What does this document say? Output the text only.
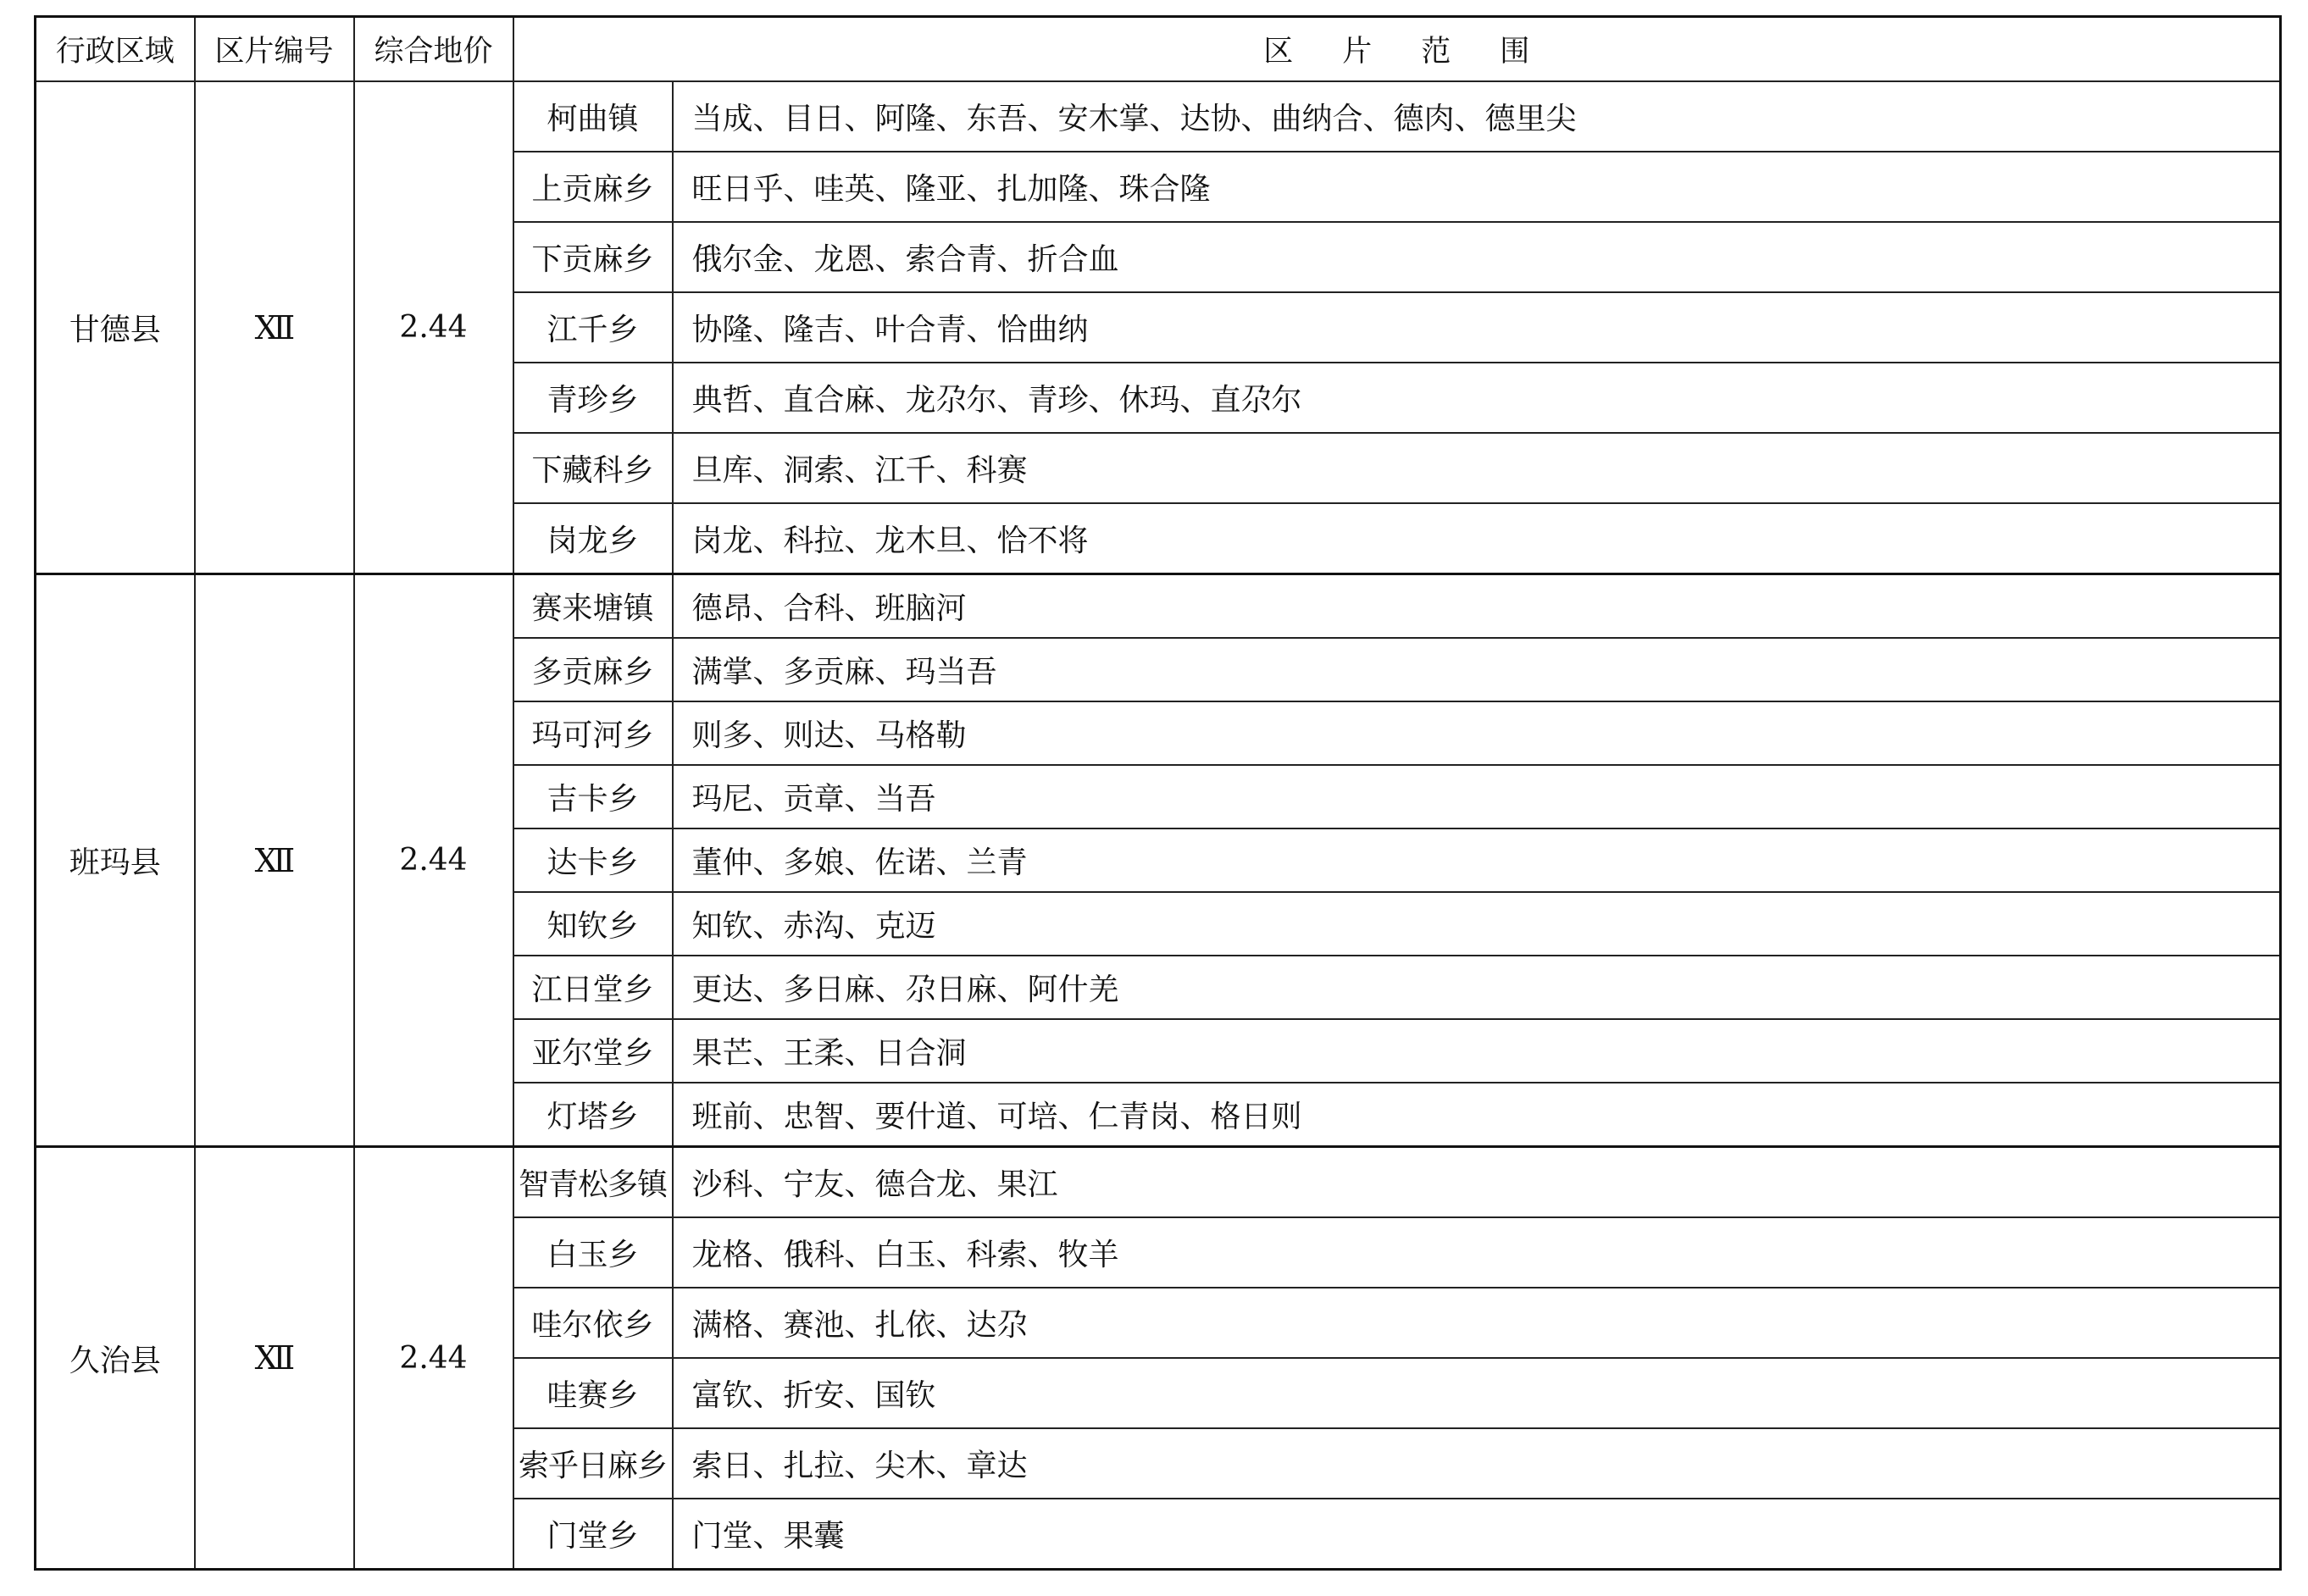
行政区域	区片编号	综合地价	区 片 范 围	
甘德县	Ⅻ	2.44	柯曲镇	当成、目日、阿隆、东吾、安木掌、达协、曲纳合、德肉、德里尖
			上贡麻乡	旺日乎、哇英、隆亚、扎加隆、珠合隆
			下贡麻乡	俄尔金、龙恩、索合青、折合血
			江千乡	协隆、隆吉、叶合青、恰曲纳
			青珍乡	典哲、直合麻、龙尕尔、青珍、休玛、直尕尔
			下藏科乡	旦库、洞索、江千、科赛
			岗龙乡	岗龙、科拉、龙木旦、恰不将
班玛县	Ⅻ	2.44	赛来塘镇	德昂、合科、班脑河
			多贡麻乡	满掌、多贡麻、玛当吾
			玛可河乡	则多、则达、马格勒
			吉卡乡	玛尼、贡章、当吾
			达卡乡	董仲、多娘、佐诺、兰青
			知钦乡	知钦、赤沟、克迈
			江日堂乡	更达、多日麻、尕日麻、阿什羌
			亚尔堂乡	果芒、王柔、日合洞
			灯塔乡	班前、忠智、要什道、可培、仁青岗、格日则
久治县	Ⅻ	2.44	智青松多镇	沙科、宁友、德合龙、果江
			白玉乡	龙格、俄科、白玉、科索、牧羊
			哇尔依乡	满格、赛池、扎依、达尕
			哇赛乡	富钦、折安、国钦
			索乎日麻乡	索日、扎拉、尖木、章达
			门堂乡	门堂、果囊
